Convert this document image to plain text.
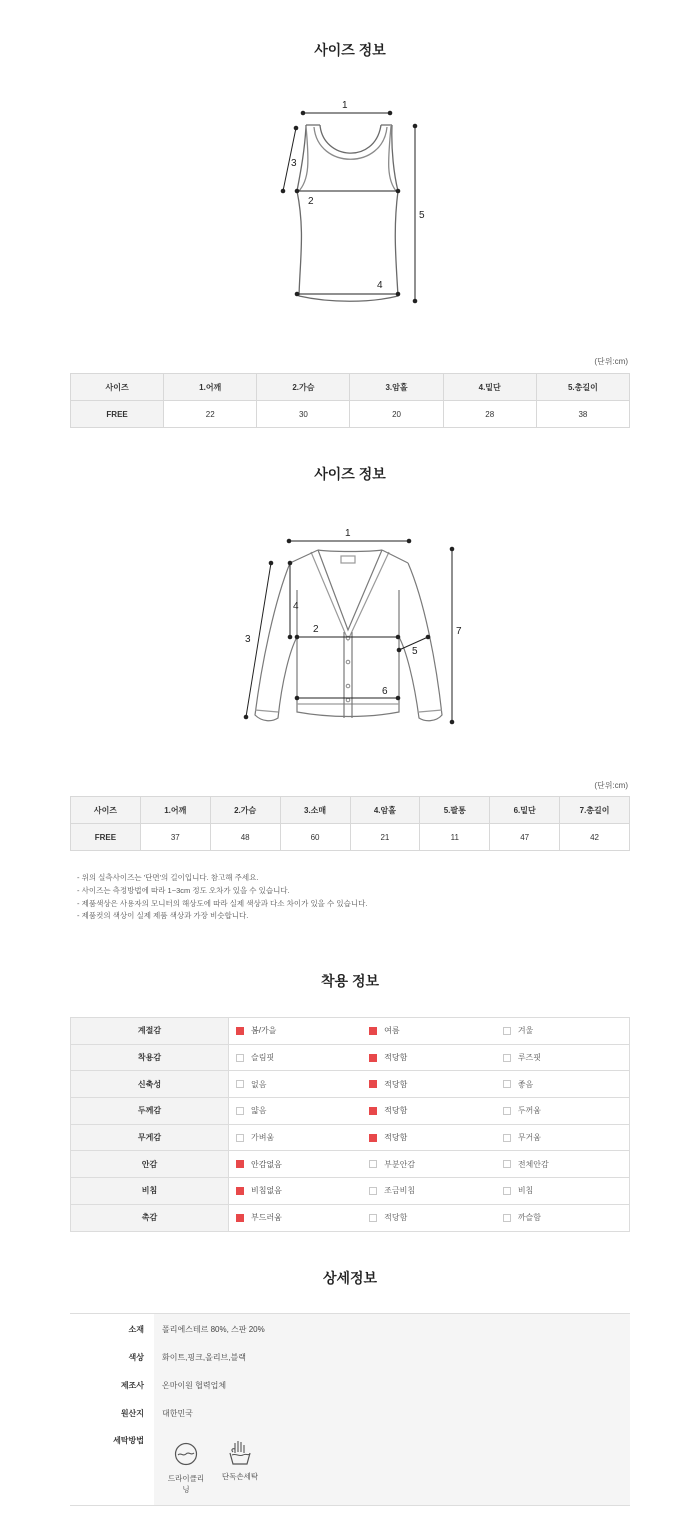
사이즈 정보
1
2
3
4
5
(단위:cm)
사이즈	1.어깨	2.가슴	3.암홀	4.밑단	5.총길이
FREE	22	30	20	28	38
사이즈 정보
1
2
3
4
5
6
7
(단위:cm)
사이즈	1.어깨	2.가슴	3.소매	4.암홀	5.팔통	6.밑단	7.총길이
FREE	37	48	60	21	11	47	42
- 위의 실측사이즈는 '단면'의 길이입니다. 참고해 주세요.
- 사이즈는 측정방법에 따라 1~3cm 정도 오차가 있을 수 있습니다.
- 제품색상은 사용자의 모니터의 해상도에 따라 실제 색상과 다소 차이가 있을 수 있습니다.
- 제품컷의 색상이 실제 제품 색상과 가장 비슷합니다.
착용 정보
계절감	봄/가을	여름	겨울

착용감	슬림핏	적당함	루즈핏

신축성	없음	적당함	좋음

두께감	얇음	적당함	두꺼움

무게감	가벼움	적당함	무거움

안감	안감없음	부분안감	전체안감

비침	비침없음	조금비침	비침

촉감	부드러움	적당함	까슬함
상세정보
소재 폴리에스테르 80%, 스판 20%
색상 화이트,핑크,올리브,블랙
제조사 온마이원 협력업체
원산지 대한민국
세탁방법
드라이클리닝
단독손세탁
